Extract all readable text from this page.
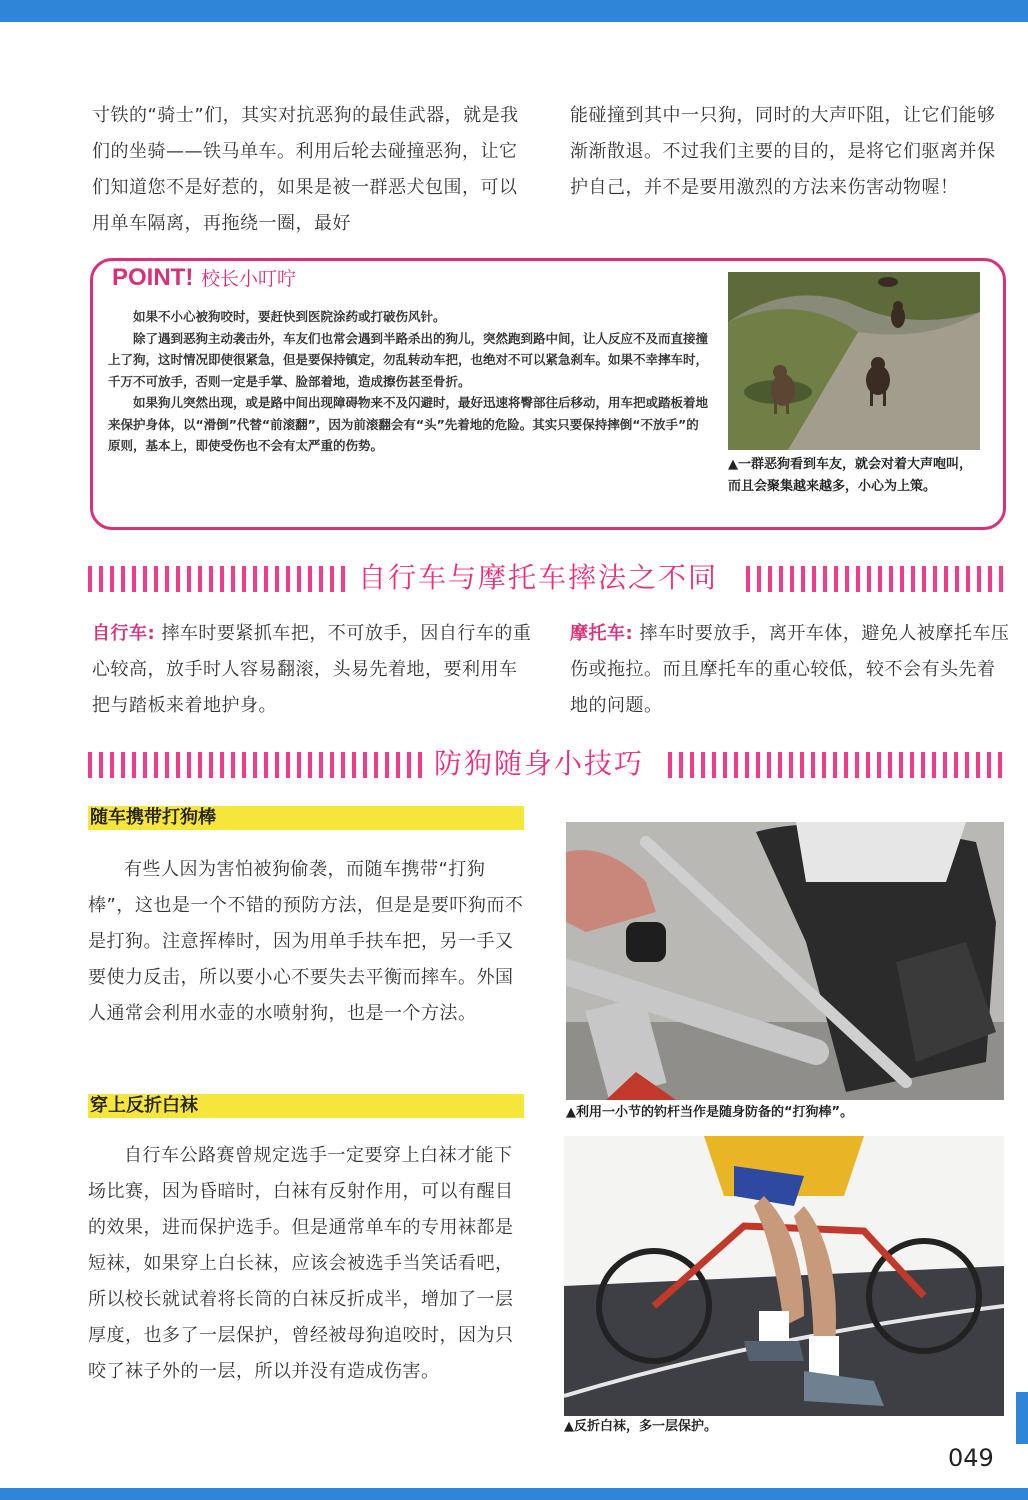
寸铁的“骑士”们，其实对抗恶狗的最佳武器，就是我们的坐骑——铁马单车。利用后轮去碰撞恶狗，让它们知道您不是好惹的，如果是被一群恶犬包围，可以用单车隔离，再拖绕一圈，最好
能碰撞到其中一只狗，同时的大声吓阻，让它们能够渐渐散退。不过我们主要的目的，是将它们驱离并保护自己，并不是要用激烈的方法来伤害动物喔！
POINT! 校长小叮咛

如果不小心被狗咬时，要赶快到医院涂药或打破伤风针。

除了遇到恶狗主动袭击外，车友们也常会遇到半路杀出的狗儿，突然跑到路中间，让人反应不及而直接撞上了狗，这时情况即使很紧急，但是要保持镇定，勿乱转动车把，也绝对不可以紧急刹车。如果不幸摔车时，千万不可放手，否则一定是手掌、脸部着地，造成擦伤甚至骨折。

如果狗儿突然出现，或是路中间出现障碍物来不及闪避时，最好迅速将臀部往后移动，用车把或踏板着地来保护身体，以“滑倒”代替“前滚翻”，因为前滚翻会有“头”先着地的危险。其实只要保持摔倒“不放手”的原则，基本上，即使受伤也不会有太严重的伤势。

▲一群恶狗看到车友，就会对着大声咆叫，而且会聚集越来越多，小心为上策。
自行车与摩托车摔法之不同
自行车: 摔车时要紧抓车把，不可放手，因自行车的重心较高，放手时人容易翻滚，头易先着地，要利用车把与踏板来着地护身。
摩托车: 摔车时要放手，离开车体，避免人被摩托车压伤或拖拉。而且摩托车的重心较低，较不会有头先着地的问题。
防狗随身小技巧
随车携带打狗棒
有些人因为害怕被狗偷袭，而随车携带“打狗棒”，这也是一个不错的预防方法，但是是要吓狗而不是打狗。注意挥棒时，因为用单手扶车把，另一手又要使力反击，所以要小心不要失去平衡而摔车。外国人通常会利用水壶的水喷射狗，也是一个方法。
穿上反折白袜
自行车公路赛曾规定选手一定要穿上白袜才能下场比赛，因为昏暗时，白袜有反射作用，可以有醒目的效果，进而保护选手。但是通常单车的专用袜都是短袜，如果穿上白长袜，应该会被选手当笑话看吧，所以校长就试着将长筒的白袜反折成半，增加了一层厚度，也多了一层保护，曾经被母狗追咬时，因为只咬了袜子外的一层，所以并没有造成伤害。
▲利用一小节的钓杆当作是随身防备的“打狗棒”。
▲反折白袜，多一层保护。
049
